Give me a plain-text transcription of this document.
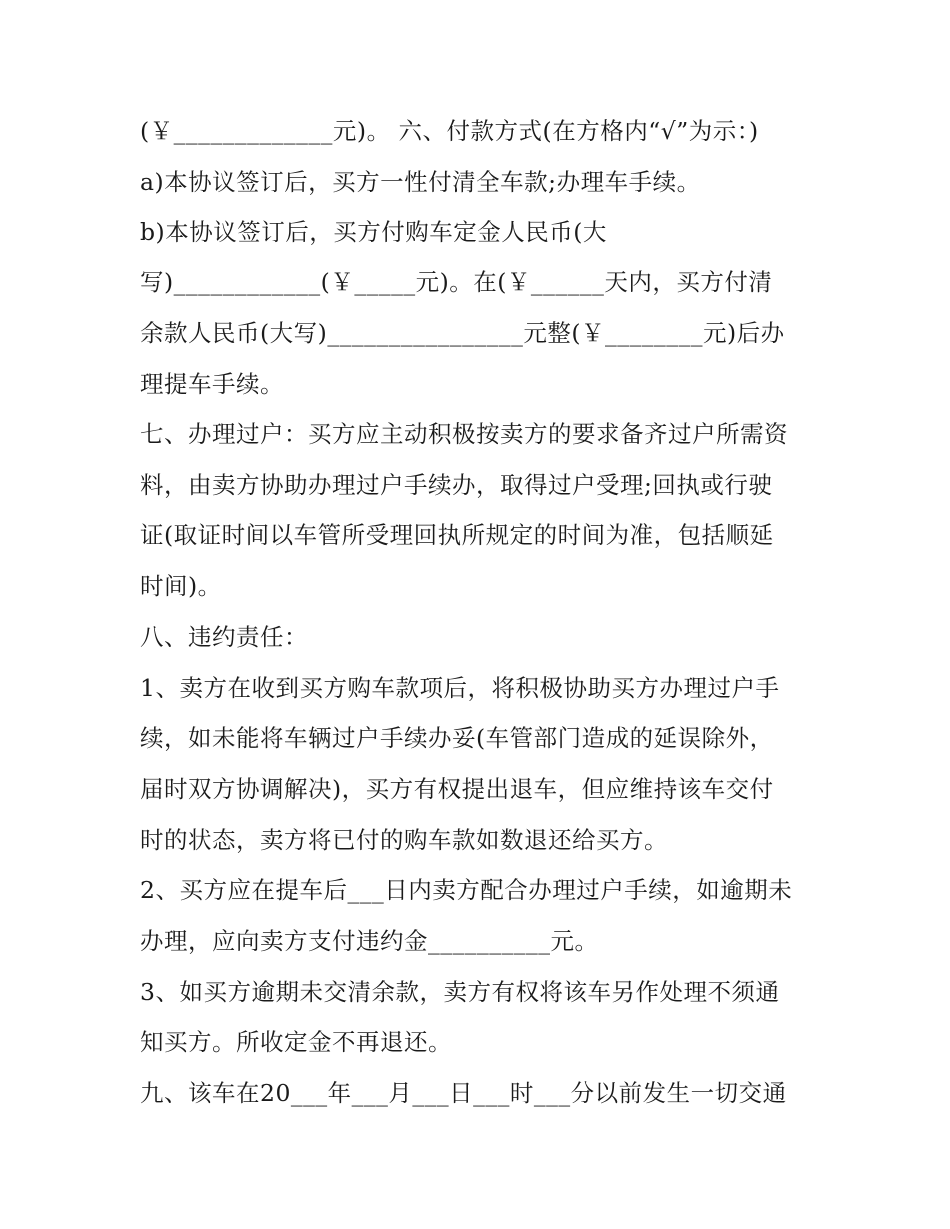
(￥_____________元)。 六、付款方式(在方格内“√”为示：)

a)本协议签订后，买方一性付清全车款;办理车手续。

b)本协议签订后，买方付购车定金人民币(大

写)____________(￥_____元)。在(￥______天内，买方付清

余款人民币(大写)________________元整(￥________元)后办

理提车手续。

七、办理过户：买方应主动积极按卖方的要求备齐过户所需资

料，由卖方协助办理过户手续办，取得过户受理;回执或行驶

证(取证时间以车管所受理回执所规定的时间为准，包括顺延

时间)。

八、违约责任：

1、卖方在收到买方购车款项后，将积极协助买方办理过户手

续，如未能将车辆过户手续办妥(车管部门造成的延误除外，

届时双方协调解决)，买方有权提出退车，但应维持该车交付

时的状态，卖方将已付的购车款如数退还给买方。

2、买方应在提车后___日内卖方配合办理过户手续，如逾期未

办理，应向卖方支付违约金__________元。

3、如买方逾期未交清余款，卖方有权将该车另作处理不须通

知买方。所收定金不再退还。

九、该车在20___年___月___日___时___分以前发生一切交通
